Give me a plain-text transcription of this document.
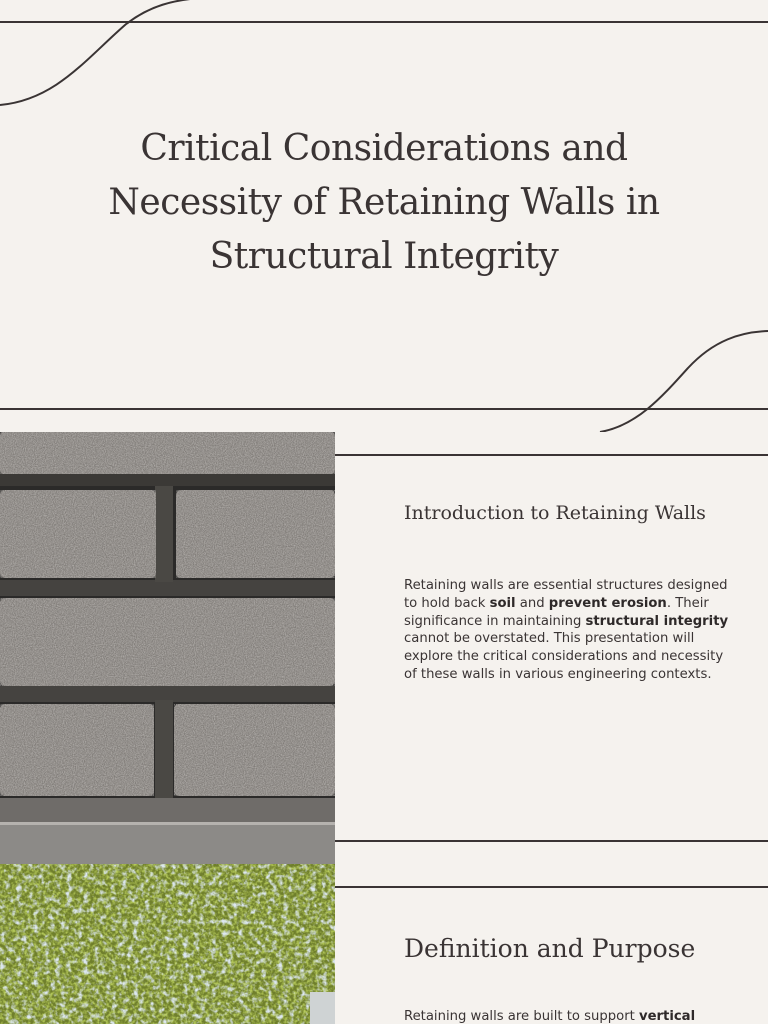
Critical Considerations and
Necessity of Retaining Walls in
Structural Integrity
Introduction to Retaining Walls

Retaining walls are essential structures designed to hold back soil and prevent erosion. Their significance in maintaining structural integrity cannot be overstated. This presentation will explore the critical considerations and necessity of these walls in various engineering contexts.

Definition and Purpose

Retaining walls are built to support vertical
